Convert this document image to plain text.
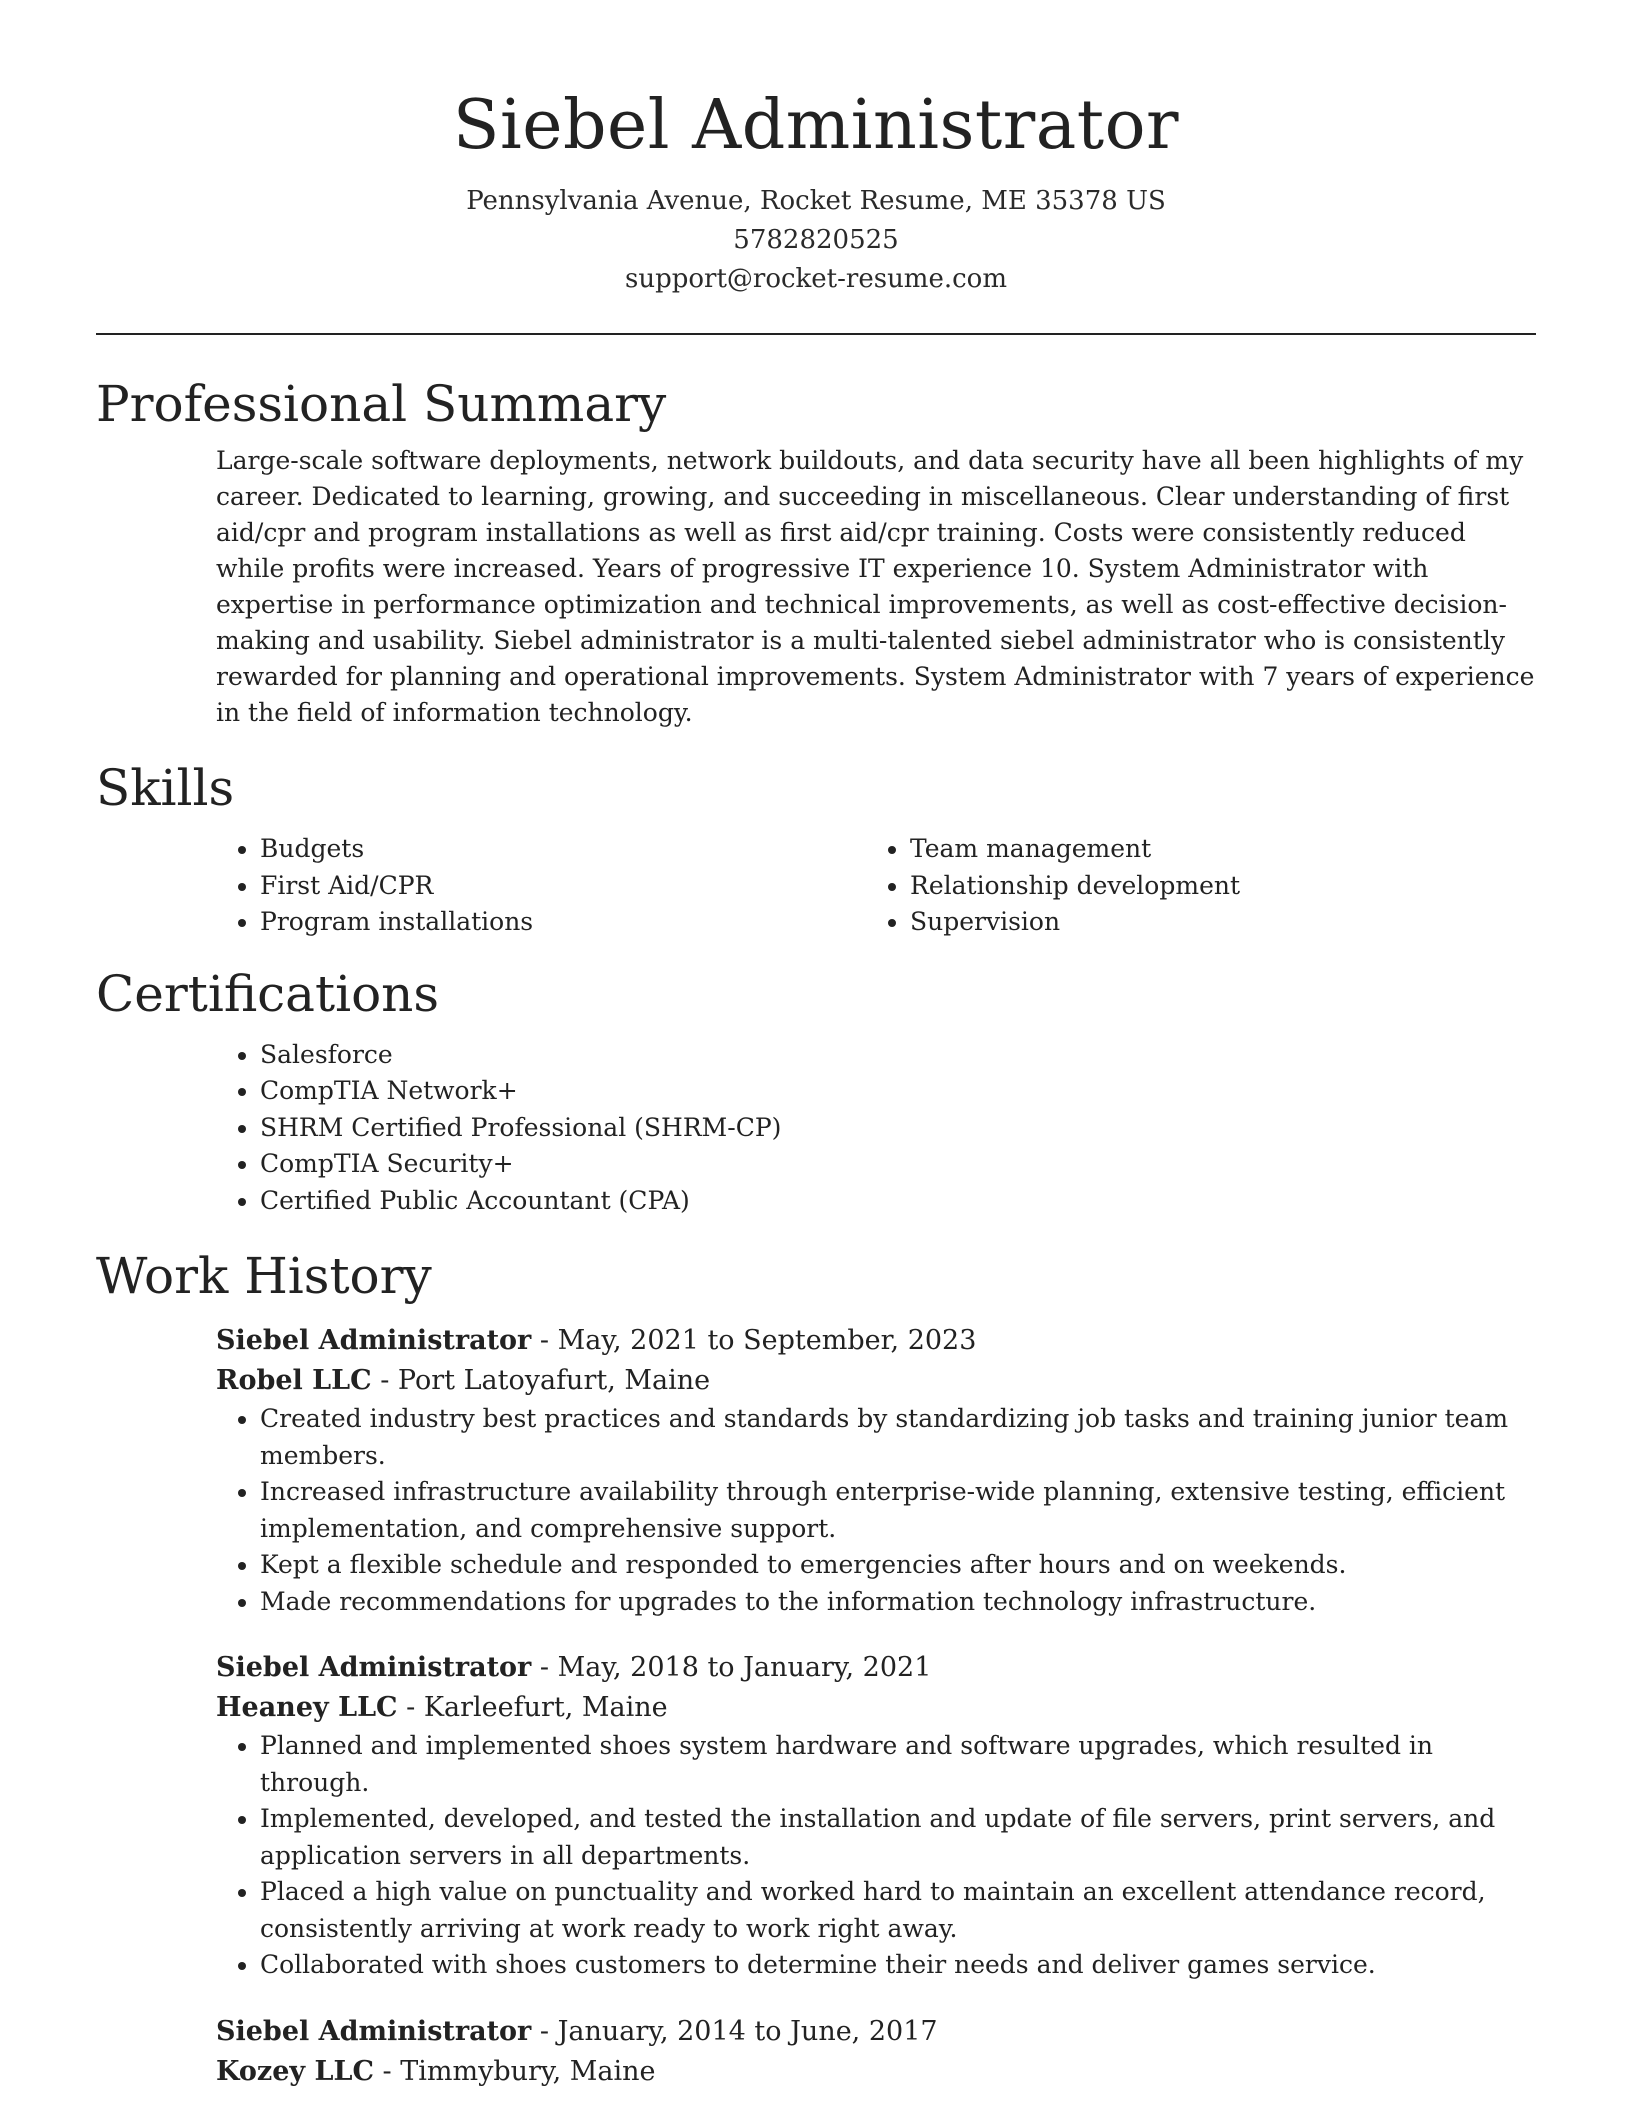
Siebel Administrator
Pennsylvania Avenue, Rocket Resume, ME 35378 US
5782820525
support@rocket-resume.com
Professional Summary

Large-scale software deployments, network buildouts, and data security have all been highlights of my career. Dedicated to learning, growing, and succeeding in miscellaneous. Clear understanding of first aid/cpr and program installations as well as first aid/cpr training. Costs were consistently reduced while profits were increased. Years of progressive IT experience 10. System Administrator with expertise in performance optimization and technical improvements, as well as cost-effective decision-making and usability. Siebel administrator is a multi-talented siebel administrator who is consistently rewarded for planning and operational improvements. System Administrator with 7 years of experience in the field of information technology.

Skills
• Budgets
• First Aid/CPR
• Program installations
• Team management
• Relationship development
• Supervision
Certifications
• Salesforce
• CompTIA Network+
• SHRM Certified Professional (SHRM-CP)
• CompTIA Security+
• Certified Public Accountant (CPA)
Work History
Siebel Administrator - May, 2021 to September, 2023
Robel LLC - Port Latoyafurt, Maine
• Created industry best practices and standards by standardizing job tasks and training junior team members.
• Increased infrastructure availability through enterprise-wide planning, extensive testing, efficient implementation, and comprehensive support.
• Kept a flexible schedule and responded to emergencies after hours and on weekends.
• Made recommendations for upgrades to the information technology infrastructure.
Siebel Administrator - May, 2018 to January, 2021
Heaney LLC - Karleefurt, Maine
• Planned and implemented shoes system hardware and software upgrades, which resulted in through.
• Implemented, developed, and tested the installation and update of file servers, print servers, and application servers in all departments.
• Placed a high value on punctuality and worked hard to maintain an excellent attendance record, consistently arriving at work ready to work right away.
• Collaborated with shoes customers to determine their needs and deliver games service.
Siebel Administrator - January, 2014 to June, 2017
Kozey LLC - Timmybury, Maine
